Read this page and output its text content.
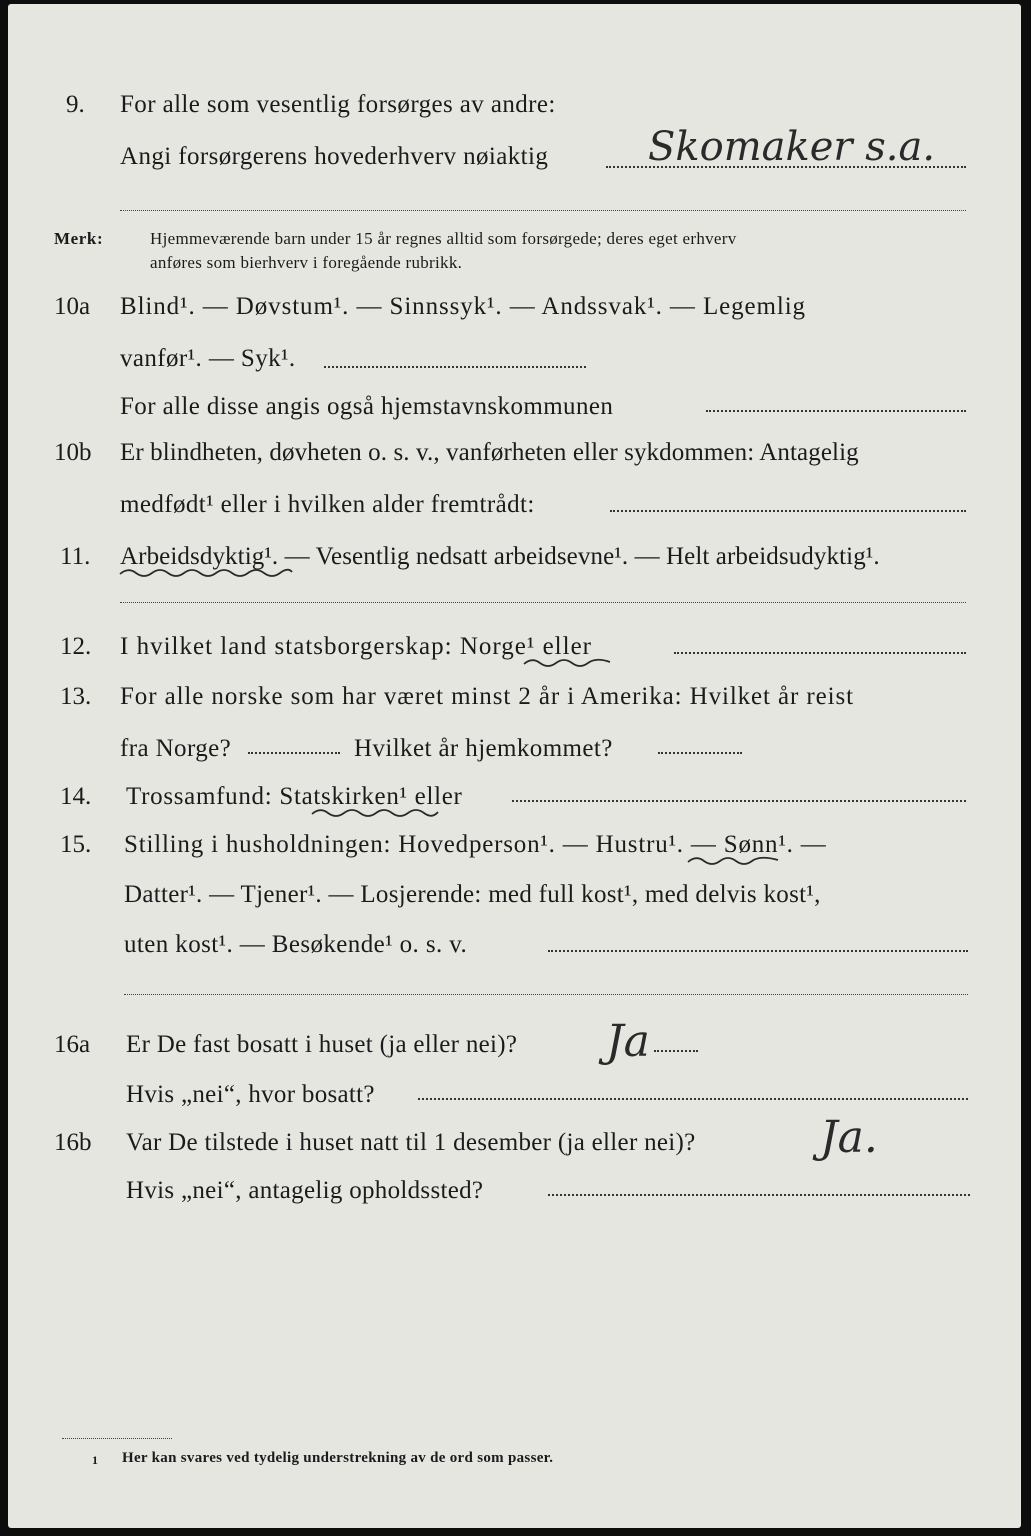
9. For alle som vesentlig forsørges av andre:
Angi forsørgerens hovederhverv nøiaktig Skomaker s.a.
Merk:	Hjemmeværende barn under 15 år regnes alltid som forsørgede; deres eget erhverv
anføres som bierhverv i foregående rubrikk.
10a Blind¹. — Døvstum¹. — Sinnssyk¹. — Andssvak¹. — Legemlig
vanfør¹. — Syk¹.
For alle disse angis også hjemstavnskommunen
10b Er blindheten, døvheten o. s. v., vanførheten eller sykdommen: Antagelig
medfødt¹ eller i hvilken alder fremtrådt:
11. Arbeidsdyktig¹. — Vesentlig nedsatt arbeidsevne¹. — Helt arbeidsudyktig¹.
12. I hvilket land statsborgerskap: Norge¹ eller
13. For alle norske som har været minst 2 år i Amerika: Hvilket år reist
fra Norge?	Hvilket år hjemkommet?
14. Trossamfund: Statskirken¹ eller
15. Stilling i husholdningen: Hovedperson¹. — Hustru¹. — Sønn¹. —
Datter¹. — Tjener¹. — Losjerende: med full kost¹, med delvis kost¹,
uten kost¹. — Besøkende¹ o. s. v.
16a Er De fast bosatt i huset (ja eller nei)? Ja
Hvis „nei“, hvor bosatt?
16b Var De tilstede i huset natt til 1 desember (ja eller nei)?	Ja.
Hvis „nei“, antagelig opholdssted?
1 Her kan svares ved tydelig understrekning av de ord som passer.
